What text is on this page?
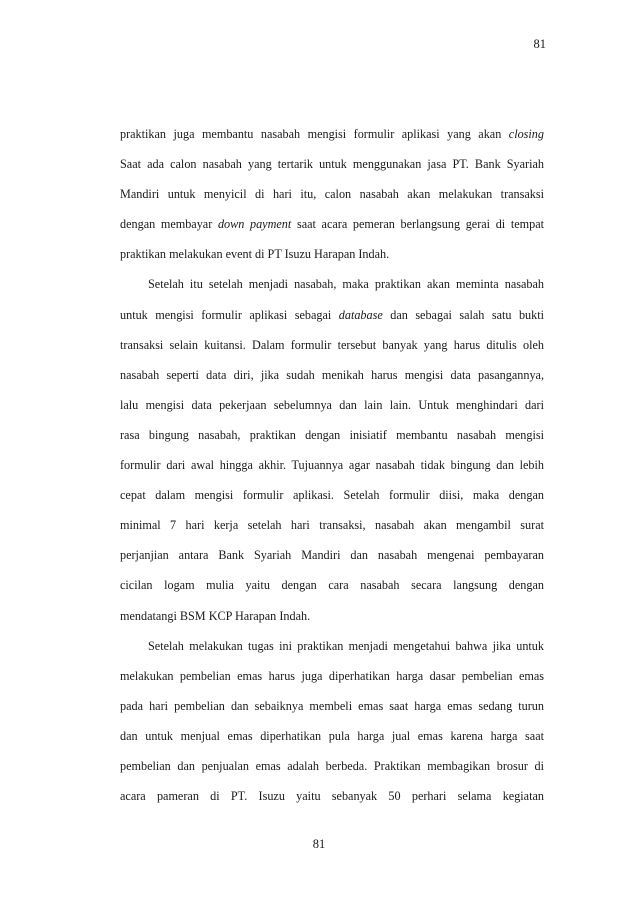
81
praktikan juga membantu nasabah mengisi formulir aplikasi yang akan closing
Saat ada calon nasabah yang tertarik untuk menggunakan jasa PT. Bank Syariah
Mandiri untuk menyicil di hari itu, calon nasabah akan melakukan transaksi
dengan membayar down payment saat acara pemeran berlangsung gerai di tempat
praktikan melakukan event di PT Isuzu Harapan Indah.
Setelah itu setelah menjadi nasabah, maka praktikan akan meminta nasabah
untuk mengisi formulir aplikasi sebagai database dan sebagai salah satu bukti
transaksi selain kuitansi. Dalam formulir tersebut banyak yang harus ditulis oleh
nasabah seperti data diri, jika sudah menikah harus mengisi data pasangannya,
lalu mengisi data pekerjaan sebelumnya dan lain lain. Untuk menghindari dari
rasa bingung nasabah, praktikan dengan inisiatif membantu nasabah mengisi
formulir dari awal hingga akhir. Tujuannya agar nasabah tidak bingung dan lebih
cepat dalam mengisi formulir aplikasi. Setelah formulir diisi, maka dengan
minimal 7 hari kerja setelah hari transaksi, nasabah akan mengambil surat
perjanjian antara Bank Syariah Mandiri dan nasabah mengenai pembayaran
cicilan logam mulia yaitu dengan cara nasabah secara langsung dengan
mendatangi BSM KCP Harapan Indah.
Setelah melakukan tugas ini praktikan menjadi mengetahui bahwa jika untuk
melakukan pembelian emas harus juga diperhatikan harga dasar pembelian emas
pada hari pembelian dan sebaiknya membeli emas saat harga emas sedang turun
dan untuk menjual emas diperhatikan pula harga jual emas karena harga saat
pembelian dan penjualan emas adalah berbeda. Praktikan membagikan brosur di
acara pameran di PT. Isuzu yaitu sebanyak 50 perhari selama kegiatan
81
